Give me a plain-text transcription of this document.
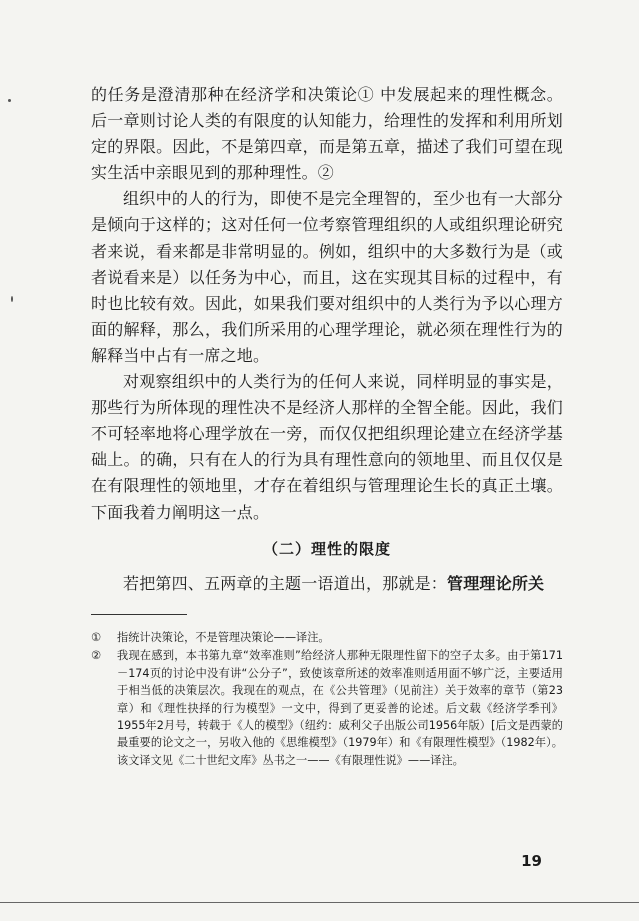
的任务是澄清那种在经济学和决策论① 中发展起来的理性概念。后一章则讨论人类的有限度的认知能力，给理性的发挥和利用所划定的界限。因此，不是第四章，而是第五章，描述了我们可望在现实生活中亲眼见到的那种理性。②

组织中的人的行为，即使不是完全理智的，至少也有一大部分是倾向于这样的；这对任何一位考察管理组织的人或组织理论研究者来说，看来都是非常明显的。例如，组织中的大多数行为是（或者说看来是）以任务为中心，而且，这在实现其目标的过程中，有时也比较有效。因此，如果我们要对组织中的人类行为予以心理方面的解释，那么，我们所采用的心理学理论，就必须在理性行为的解释当中占有一席之地。

对观察组织中的人类行为的任何人来说，同样明显的事实是，那些行为所体现的理性决不是经济人那样的全智全能。因此，我们不可轻率地将心理学放在一旁，而仅仅把组织理论建立在经济学基础上。的确，只有在人的行为具有理性意向的领地里、而且仅仅是在有限理性的领地里，才存在着组织与管理理论生长的真正土壤。下面我着力阐明这一点。

（二）理性的限度

若把第四、五两章的主题一语道出，那就是：管理理论所关

① 指统计决策论，不是管理决策论——译注。
② 我现在感到，本书第九章“效率准则”给经济人那种无限理性留下的空子太多。由于第171－174页的讨论中没有讲“公分子”，致使该章所述的效率准则适用面不够广泛，主要适用于相当低的决策层次。我现在的观点，在《公共管理》（见前注）关于效率的章节（第23章）和《理性抉择的行为模型》一文中，得到了更妥善的论述。后文载《经济学季刊》1955年2月号，转载于《人的模型》（纽约：威利父子出版公司1956年版）[后文是西蒙的最重要的论文之一，另收入他的《思维模型》（1979年）和《有限理性模型》（1982年）。该文译文见《二十世纪文库》丛书之一——《有限理性说》——译注。
19
